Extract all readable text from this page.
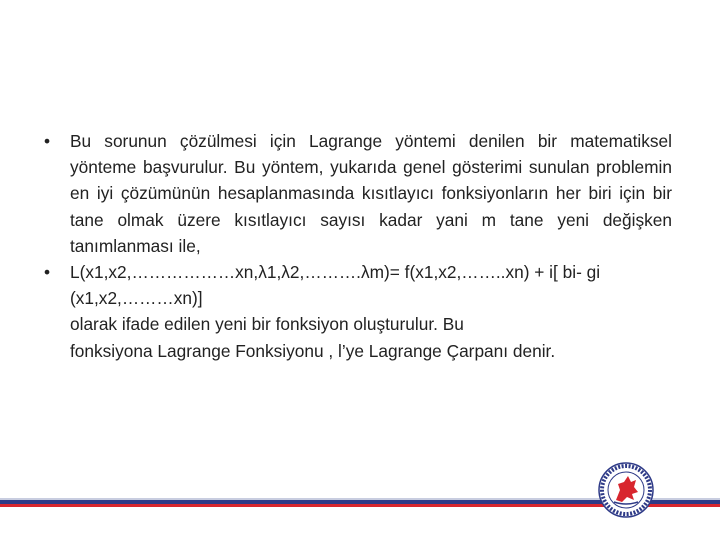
•	Bu sorunun çözülmesi için Lagrange yöntemi denilen bir matematiksel yönteme başvurulur. Bu yöntem, yukarıda genel gösterimi sunulan problemin en iyi çözümünün hesaplanmasında kısıtlayıcı fonksiyonların her biri için bir tane olmak üzere kısıtlayıcı sayısı kadar yani m tane yeni değişken tanımlanması ile,

•	L(x1,x2,………………xn,λ1,λ2,……….λm)= f(x1,x2,……..xn) + i[ bi- gi (x1,x2,………xn)]

olarak ifade edilen yeni bir fonksiyon oluşturulur. Bu

fonksiyona Lagrange Fonksiyonu , l’ye Lagrange Çarpanı denir.
